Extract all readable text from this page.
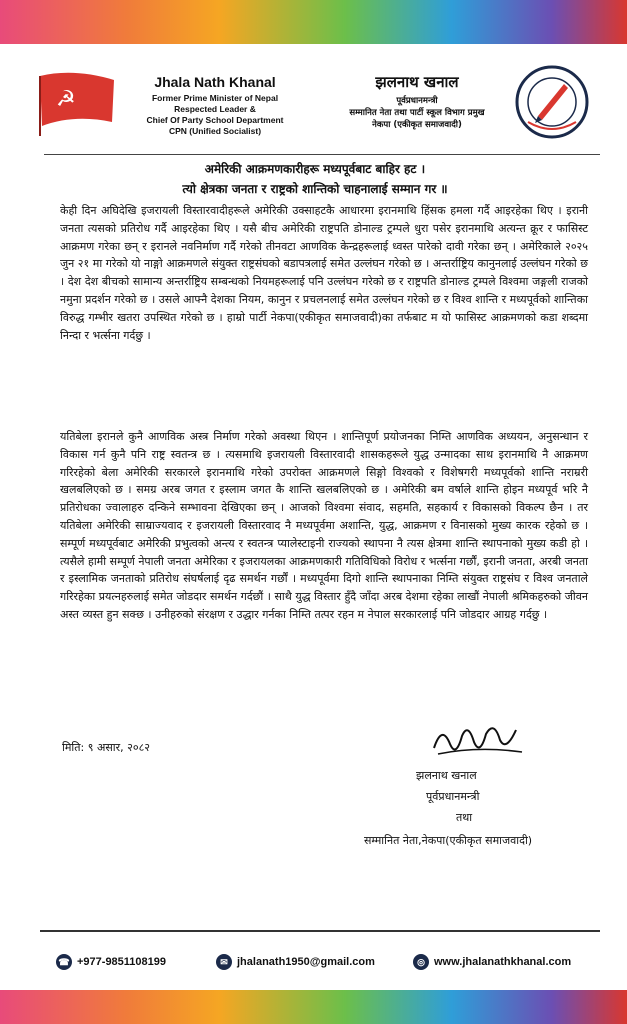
☭
Jhala Nath Khanal
Former Prime Minister of Nepal
Respected Leader &
Chief Of Party School Department
CPN (Unified Socialist)
झलनाथ खनाल
पूर्वप्रधानमन्त्री
सम्मानित नेता तथा पार्टी स्कूल विभाग प्रमुख
नेकपा (एकीकृत समाजवादी)
अमेरिकी आक्रमणकारीहरू मध्यपूर्वबाट बाहिर हट ।
त्यो क्षेत्रका जनता र राष्ट्रको शान्तिको चाहनालाई सम्मान गर ॥

केही दिन अघिदेखि इजरायली विस्तारवादीहरूले अमेरिकी उक्साहटकै आधारमा इरानमाथि हिंसक हमला गर्दै आइरहेका थिए । इरानी जनता त्यसको प्रतिरोध गर्दै आइरहेका थिए । यसै बीच अमेरिकी राष्ट्रपति डोनाल्ड ट्रम्पले धुरा पसेर इरानमाथि अत्यन्त क्रूर र फासिस्ट आक्रमण गरेका छन् र इरानले नवनिर्माण गर्दै गरेको तीनवटा आणविक केन्द्रहरूलाई ध्वस्त पारेको दावी गरेका छन् । अमेरिकाले २०२५ जुन २१ मा गरेको यो नाङ्गो आक्रमणले संयुक्त राष्ट्रसंघको बडापत्रलाई समेत उल्लंघन गरेको छ । अन्तर्राष्ट्रिय कानुनलाई उल्लंघन गरेको छ । देश देश बीचको सामान्य अन्तर्राष्ट्रिय सम्बन्धको नियमहरूलाई पनि उल्लंघन गरेको छ र राष्ट्रपति डोनाल्ड ट्रम्पले विश्वमा जङ्गली राजको नमुना प्रदर्शन गरेको छ । उसले आफ्नै देशका नियम, कानुन र प्रचलनलाई समेत उल्लंघन गरेको छ र विश्व शान्ति र मध्यपूर्वको शान्तिका विरुद्ध गम्भीर खतरा उपस्थित गरेको छ । हाम्रो पार्टी नेकपा(एकीकृत समाजवादी)का तर्फबाट म यो फासिस्ट आक्रमणको कडा शब्दमा निन्दा र भर्त्सना गर्दछु ।

यतिबेला इरानले कुनै आणविक अस्त्र निर्माण गरेको अवस्था थिएन । शान्तिपूर्ण प्रयोजनका निम्ति आणविक अध्ययन, अनुसन्धान र विकास गर्न कुनै पनि राष्ट्र स्वतन्त्र छ । त्यसमाथि इजरायली विस्तारवादी शासकहरूले युद्ध उन्मादका साथ इरानमाथि नै आक्रमण गरिरहेको बेला अमेरिकी सरकारले इरानमाथि गरेको उपरोक्त आक्रमणले सिङ्गो विश्वको र विशेषगरी मध्यपूर्वको शान्ति नराम्ररी खलबलिएको छ । समग्र अरब जगत र इस्लाम जगत कै शान्ति खलबलिएको छ । अमेरिकी बम वर्षाले शान्ति होइन मध्यपूर्व भरि नै प्रतिरोधका ज्वालाहरु दन्किने सम्भावना देखिएका छन् । आजको विश्वमा संवाद, सहमति, सहकार्य र विकासको विकल्प छैन । तर यतिबेला अमेरिकी साम्राज्यवाद र इजरायली विस्तारवाद नै मध्यपूर्वमा अशान्ति, युद्ध, आक्रमण र विनासको मुख्य कारक रहेको छ । सम्पूर्ण मध्यपूर्वबाट अमेरिकी प्रभुत्वको अन्त्य र स्वतन्त्र प्यालेस्टाइनी राज्यको स्थापना नै त्यस क्षेत्रमा शान्ति स्थापनाको मुख्य कडी हो । त्यसैले हामी सम्पूर्ण नेपाली जनता अमेरिका र इजरायलका आक्रमणकारी गतिविधिको विरोध र भर्त्सना गर्छौं, इरानी जनता, अरबी जनता र इस्लामिक जनताको प्रतिरोध संघर्षलाई दृढ समर्थन गर्छौं । मध्यपूर्वमा दिगो शान्ति स्थापनाका निम्ति संयुक्त राष्ट्रसंघ र विश्व जनताले गरिरहेका प्रयत्नहरुलाई समेत जोडदार समर्थन गर्दछौं । साथै युद्ध विस्तार हुँदै जाँदा अरब देशमा रहेका लाखौं नेपाली श्रमिकहरुको जीवन अस्त व्यस्त हुन सक्छ । उनीहरुको संरक्षण र उद्धार गर्नका निम्ति तत्पर रहन म नेपाल सरकारलाई पनि जोडदार आग्रह गर्दछु ।

मिति: ९ असार, २०८२
झलनाथ खनाल
पूर्वप्रधानमन्त्री
तथा
सम्मानित नेता,नेकपा(एकीकृत समाजवादी)
☎ +977-9851108199	✉ jhalanath1950@gmail.com	◎ www.jhalanathkhanal.com
